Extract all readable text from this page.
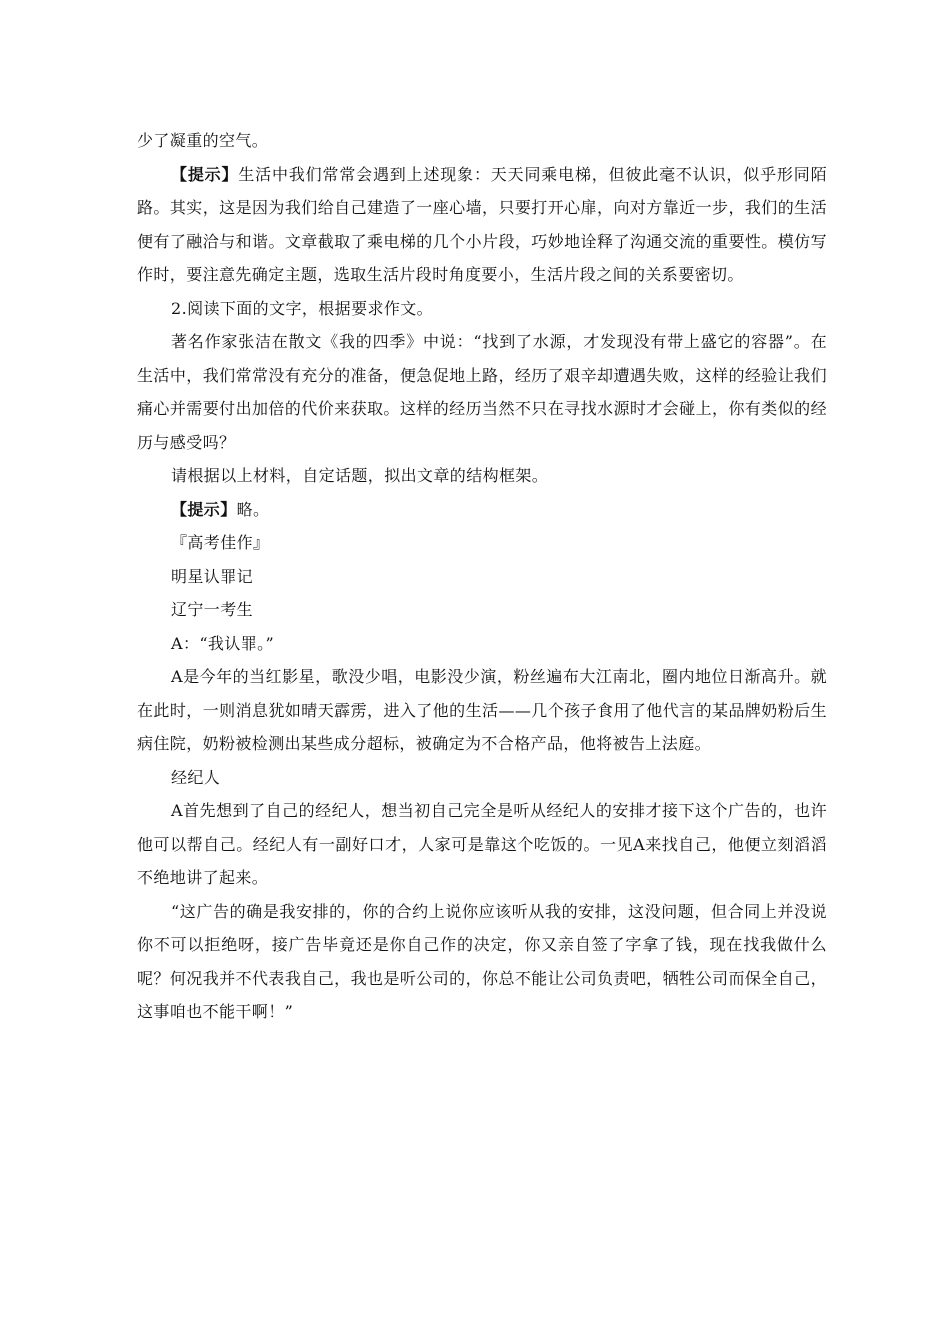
少了凝重的空气。

【提示】生活中我们常常会遇到上述现象：天天同乘电梯，但彼此毫不认识，似乎形同陌路。其实，这是因为我们给自己建造了一座心墙，只要打开心扉，向对方靠近一步，我们的生活便有了融洽与和谐。文章截取了乘电梯的几个小片段，巧妙地诠释了沟通交流的重要性。模仿写作时，要注意先确定主题，选取生活片段时角度要小，生活片段之间的关系要密切。

2.阅读下面的文字，根据要求作文。

著名作家张洁在散文《我的四季》中说：“找到了水源，才发现没有带上盛它的容器”。在生活中，我们常常没有充分的准备，便急促地上路，经历了艰辛却遭遇失败，这样的经验让我们痛心并需要付出加倍的代价来获取。这样的经历当然不只在寻找水源时才会碰上，你有类似的经历与感受吗？

请根据以上材料，自定话题，拟出文章的结构框架。

【提示】略。

『高考佳作』

明星认罪记

辽宁一考生

A：“我认罪。”

A是今年的当红影星，歌没少唱，电影没少演，粉丝遍布大江南北，圈内地位日渐高升。就在此时，一则消息犹如晴天霹雳，进入了他的生活——几个孩子食用了他代言的某品牌奶粉后生病住院，奶粉被检测出某些成分超标，被确定为不合格产品，他将被告上法庭。

经纪人

A首先想到了自己的经纪人，想当初自己完全是听从经纪人的安排才接下这个广告的，也许他可以帮自己。经纪人有一副好口才，人家可是靠这个吃饭的。一见A来找自己，他便立刻滔滔不绝地讲了起来。

“这广告的确是我安排的，你的合约上说你应该听从我的安排，这没问题，但合同上并没说你不可以拒绝呀，接广告毕竟还是你自己作的决定，你又亲自签了字拿了钱，现在找我做什么呢？何况我并不代表我自己，我也是听公司的，你总不能让公司负责吧，牺牲公司而保全自己，这事咱也不能干啊！”
